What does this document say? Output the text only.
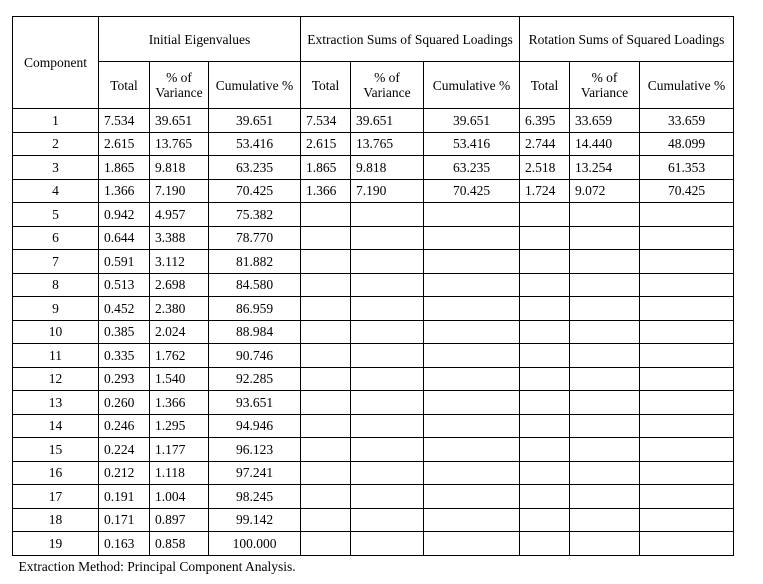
Component	Initial Eigenvalues			Extraction Sums of Squared Loadings			Rotation Sums of Squared Loadings		
	Total	% of Variance	Cumulative %	Total	% of Variance	Cumulative %	Total	% of Variance	Cumulative %
1	7.534	39.651	39.651	7.534	39.651	39.651	6.395	33.659	33.659
2	2.615	13.765	53.416	2.615	13.765	53.416	2.744	14.440	48.099
3	1.865	9.818	63.235	1.865	9.818	63.235	2.518	13.254	61.353
4	1.366	7.190	70.425	1.366	7.190	70.425	1.724	9.072	70.425
5	0.942	4.957	75.382						
6	0.644	3.388	78.770						
7	0.591	3.112	81.882						
8	0.513	2.698	84.580						
9	0.452	2.380	86.959						
10	0.385	2.024	88.984						
11	0.335	1.762	90.746						
12	0.293	1.540	92.285						
13	0.260	1.366	93.651						
14	0.246	1.295	94.946						
15	0.224	1.177	96.123						
16	0.212	1.118	97.241						
17	0.191	1.004	98.245						
18	0.171	0.897	99.142						
19	0.163	0.858	100.000						
Extraction Method: Principal Component Analysis.									
